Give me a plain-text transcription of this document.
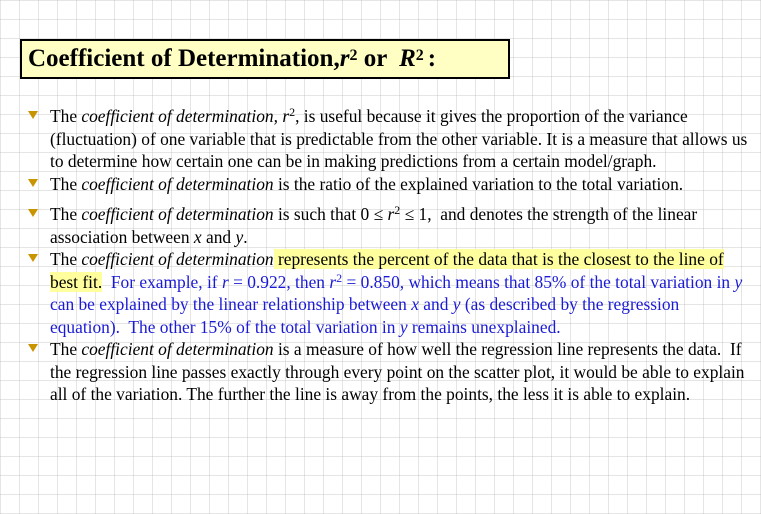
Coefficient of Determination, $r^2$ or $R^2$ :
The coefficient of determination, $r^2$, is useful because it gives the proportion of the variance (fluctuation) of one variable that is predictable from the other variable. It is a measure that allows us to determine how certain one can be in making predictions from a certain model/graph.
The coefficient of determination is the ratio of the explained variation to the total variation.
The coefficient of determination is such that $0 \le r^2 \le 1$,  and denotes the strength of the linear association between x and y.
The coefficient of determination represents the percent of the data that is the closest to the line of best fit.  For example, if r = 0.922, then $r^2 = 0.850$, which means that 85% of the total variation in y can be explained by the linear relationship between x and y (as described by the regression equation).  The other 15% of the total variation in y remains unexplained.
The coefficient of determination is a measure of how well the regression line represents the data.  If the regression line passes exactly through every point on the scatter plot, it would be able to explain all of the variation. The further the line is away from the points, the less it is able to explain.
